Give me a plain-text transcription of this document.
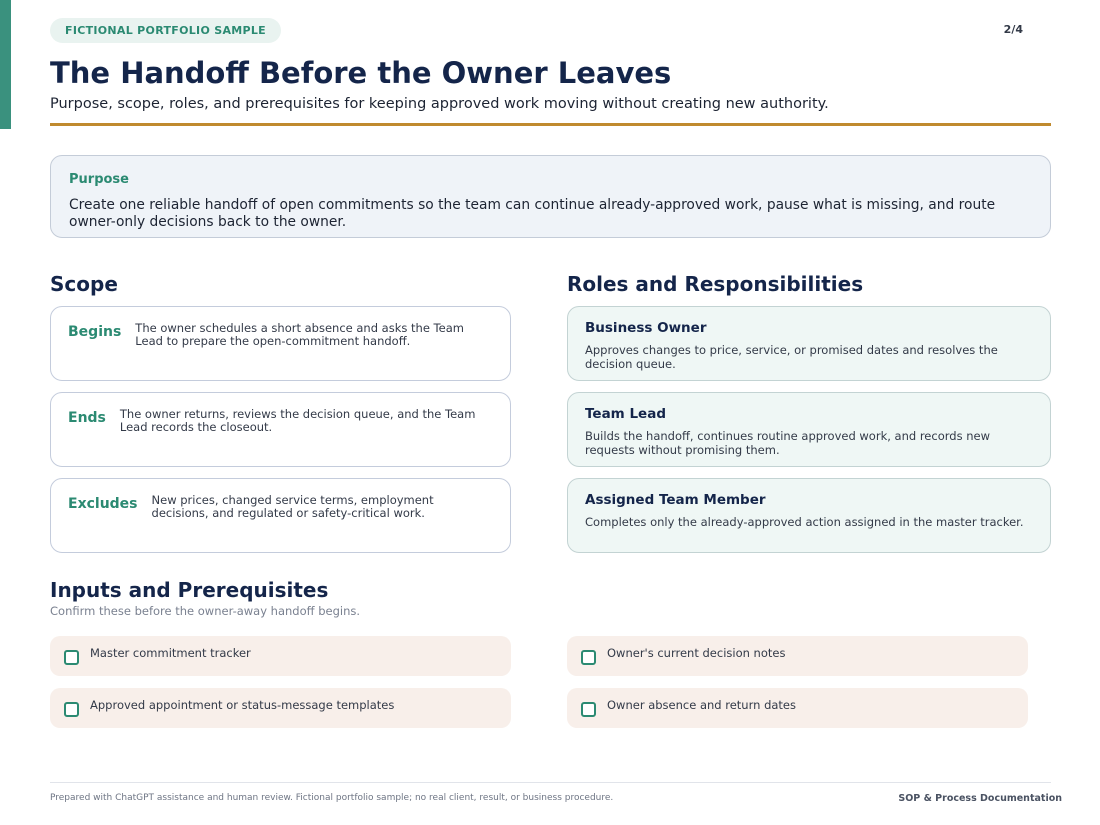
FICTIONAL PORTFOLIO SAMPLE	2/4
The Handoff Before the Owner Leaves
Purpose, scope, roles, and prerequisites for keeping approved work moving without creating new authority.
Purpose
Create one reliable handoff of open commitments so the team can continue already-approved work, pause what is missing, and route owner-only decisions back to the owner.
Scope
Begins The owner schedules a short absence and asks the Team Lead to prepare the open-commitment handoff.
Ends The owner returns, reviews the decision queue, and the Team Lead records the closeout.
Excludes New prices, changed service terms, employment decisions, and regulated or safety-critical work.
Roles and Responsibilities
Business Owner
Approves changes to price, service, or promised dates and resolves the decision queue.
Team Lead
Builds the handoff, continues routine approved work, and records new requests without promising them.
Assigned Team Member
Completes only the already-approved action assigned in the master tracker.
Inputs and Prerequisites
Confirm these before the owner-away handoff begins.
Master commitment tracker	Owner's current decision notes
Approved appointment or status-message templates	Owner absence and return dates
Prepared with ChatGPT assistance and human review. Fictional portfolio sample; no real client, result, or business procedure.	SOP & Process Documentation
